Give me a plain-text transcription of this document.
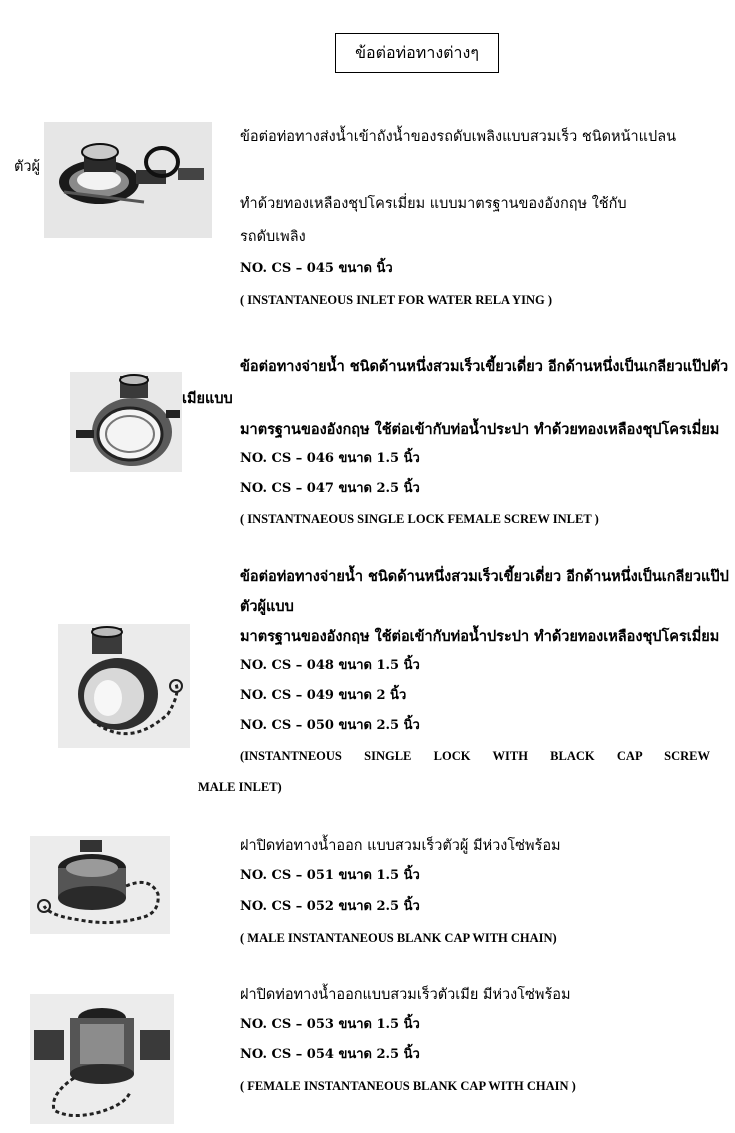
ข้อต่อท่อทางต่างๆ
ตัวผู้
ข้อต่อท่อทางส่งน้ำเข้าถังน้ำของรถดับเพลิงแบบสวมเร็ว ชนิดหน้าแปลน
ทำด้วยทองเหลืองชุปโครเมี่ยม แบบมาตรฐานของอังกฤษ ใช้กับ
รถดับเพลิง
NO. CS – 045 ขนาด นิ้ว
( INSTANTANEOUS INLET FOR WATER RELA YING )
ข้อต่อทางจ่ายน้ำ ชนิดด้านหนึ่งสวมเร็วเขี้ยวเดี่ยว อีกด้านหนึ่งเป็นเกลียวแป๊ปตัว
เมียแบบ
มาตรฐานของอังกฤษ ใช้ต่อเข้ากับท่อน้ำประปา ทำด้วยทองเหลืองชุปโครเมี่ยม
NO. CS – 046 ขนาด 1.5 นิ้ว
NO. CS – 047 ขนาด 2.5 นิ้ว
( INSTANTNAEOUS SINGLE LOCK FEMALE SCREW INLET )
ข้อต่อท่อทางจ่ายน้ำ ชนิดด้านหนึ่งสวมเร็วเขี้ยวเดี่ยว อีกด้านหนึ่งเป็นเกลียวแป๊ป
ตัวผู้แบบ
มาตรฐานของอังกฤษ ใช้ต่อเข้ากับท่อน้ำประปา ทำด้วยทองเหลืองชุปโครเมี่ยม
NO. CS – 048 ขนาด 1.5 นิ้ว
NO. CS – 049 ขนาด 2 นิ้ว
NO. CS – 050 ขนาด 2.5 นิ้ว
(INSTANTNEOUS SINGLE LOCK WITH BLACK CAP SCREW
MALE INLET)
ฝาปิดท่อทางน้ำออก แบบสวมเร็วตัวผู้ มีห่วงโซ่พร้อม
NO. CS – 051 ขนาด 1.5 นิ้ว
NO. CS – 052 ขนาด 2.5 นิ้ว
( MALE INSTANTANEOUS BLANK CAP WITH CHAIN)
ฝาปิดท่อทางน้ำออกแบบสวมเร็วตัวเมีย มีห่วงโซ่พร้อม
NO. CS – 053 ขนาด 1.5 นิ้ว
NO. CS – 054 ขนาด 2.5 นิ้ว
( FEMALE INSTANTANEOUS BLANK CAP WITH CHAIN )
